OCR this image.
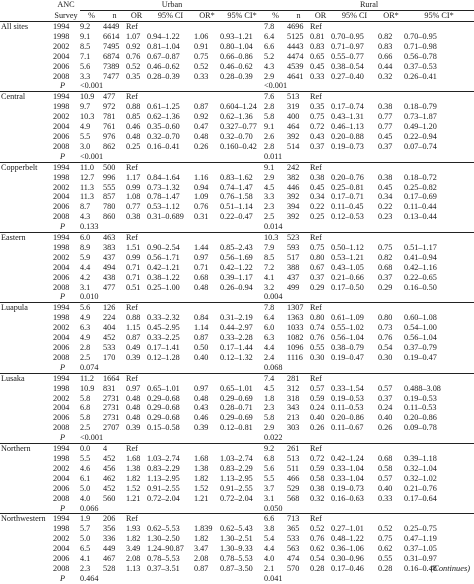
	ANC	Urban						Rural					
	Survey	%	n	OR	95% CI	OR*	95% CI*	%	n	OR	95% CI	OR*	95% CI*
All sites	1994	9.2	4449	Ref				7.8	4696	Ref			
	1998	9.1	6614	1.07	0.94–1.22	1.06	0.93–1.21	6.4	5125	0.81	0.70–0.95	0.82	0.70–0.95
	2002	8.5	7495	0.92	0.81–1.04	0.91	0.80–1.04	6.6	4443	0.83	0.71–0.97	0.83	0.71–0.98
	2004	7.1	6874	0.76	0.67–0.87	0.75	0.66–0.86	5.2	4474	0.65	0.55–0.77	0.66	0.56–0.78
	2006	5.6	7389	0.52	0.46–0.62	0.52	0.46–0.62	4.3	4539	0.45	0.38–0.54	0.44	0.37–0.53
	2008	3.3	7477	0.35	0.28–0.39	0.33	0.28–0.39	2.9	4641	0.33	0.27–0.40	0.32	0.26–0.41
	P	<0.001						<0.001					
Central	1994	10.9	477	Ref				7.6	513	Ref			
	1998	9.7	972	0.88	0.61–1.25	0.87	0.604–1.24	2.8	319	0.35	0.17–0.74	0.38	0.18–0.79
	2002	10.3	781	0.85	0.62–1.36	0.92	0.62–1.36	5.8	400	0.75	0.43–1.31	0.77	0.73–1.87
	2004	4.9	761	0.46	0.35–0.60	0.47	0.327–0.77	9.1	464	0.72	0.46–1.13	0.77	0.49–1.20
	2006	5.5	976	0.48	0.32–0.70	0.48	0.32–0.70	2.6	392	0.43	0.20–0.88	0.45	0.22–0.94
	2008	3.0	862	0.25	0.16–0.41	0.26	0.160–0.42	2.8	514	0.37	0.19–0.73	0.37	0.07–0.74
	P	<0.001						0.011					
Copperbelt	1994	11.0	500	Ref				9.1	242	Ref			
	1998	12.7	996	1.17	0.84–1.64	1.16	0.83–1.62	2.9	382	0.38	0.20–0.76	0.38	0.18–0.72
	2002	11.3	555	0.99	0.73–1.32	0.94	0.74–1.47	4.5	446	0.45	0.25–0.81	0.45	0.25–0.82
	2004	11.3	857	1.08	0.78–1.47	1.09	0.76–1.58	3.3	392	0.34	0.17–0.71	0.34	0.17–0.69
	2006	8.7	780	0.77	0.53–1.12	0.76	0.51–1.14	2.3	394	0.22	0.11–0.45	0.22	0.11–0.44
	2008	4.3	860	0.38	0.31–0.689	0.31	0.22–0.47	2.5	392	0.25	0.12–0.53	0.23	0.13–0.44
	P	0.133						0.014					
Eastern	1994	6.0	463	Ref				10.3	523	Ref			
	1998	8.9	383	1.51	0.90–2.54	1.44	0.85–2.43	7.9	593	0.75	0.50–1.12	0.75	0.51–1.17
	2002	5.9	437	0.99	0.56–1.71	0.97	0.56–1.69	8.5	517	0.80	0.53–1.21	0.82	0.41–0.94
	2004	4.4	494	0.71	0.42–1.21	0.71	0.42–1.22	7.2	388	0.67	0.43–1.05	0.68	0.42–1.16
	2006	4.2	438	0.71	0.38–1.22	0.68	0.39–1.17	4.1	437	0.37	0.21–0.66	0.37	0.22–0.65
	2008	3.1	477	0.51	0.25–1.00	0.48	0.26–0.94	3.2	499	0.29	0.17–0.50	0.29	0.16–0.50
	P	0.010						0.004					
Luapula	1994	5.6	126	Ref				7.8	1307	Ref			
	1998	4.9	224	0.88	0.33–2.32	0.84	0.31–2.19	6.4	1363	0.80	0.61–1.09	0.80	0.60–1.08
	2002	6.3	404	1.15	0.45–2.95	1.14	0.44–2.97	6.0	1033	0.74	0.55–1.02	0.73	0.54–1.00
	2004	4.9	452	0.87	0.33–2.25	0.87	0.33–2.28	6.3	1082	0.76	0.56–1.04	0.76	0.56–1.04
	2006	2.8	533	0.49	0.17–1.41	0.50	0.17–1.44	4.4	1096	0.55	0.38–0.79	0.54	0.37–0.79
	2008	2.5	170	0.39	0.12–1.28	0.40	0.12–1.32	2.4	1116	0.30	0.19–0.47	0.30	0.19–0.47
	P	0.074						0.068					
Lusaka	1994	11.2	1664	Ref				7.4	281	Ref			
	1998	10.9	831	0.97	0.65–1.01	0.97	0.65–1.01	4.5	312	0.57	0.33–1.54	0.57	0.488–3.08
	2002	5.8	2731	0.48	0.29–0.68	0.48	0.29–0.69	1.8	318	0.59	0.19–0.53	0.37	0.19–0.53
	2004	6.8	2731	0.48	0.29–0.68	0.43	0.28–0.71	2.3	343	0.24	0.11–0.53	0.24	0.11–0.53
	2006	5.8	2731	0.48	0.29–0.68	0.46	0.29–0.69	5.8	213	0.40	0.20–0.86	0.40	0.20–0.86
	2008	2.5	2707	0.39	0.15–0.58	0.39	0.12–0.81	2.9	303	0.26	0.11–0.67	0.26	0.09–0.78
	P	<0.001						0.022					
Northern	1994	0.0	4	Ref				9.2	261	Ref			
	1998	5.5	452	1.68	1.03–2.74	1.68	1.03–2.74	6.8	513	0.72	0.42–1.24	0.68	0.39–1.18
	2002	4.6	456	1.38	0.83–2.29	1.38	0.83–2.29	5.6	511	0.59	0.33–1.04	0.58	0.32–1.04
	2004	6.1	462	1.82	1.13–2.95	1.82	1.13–2.95	5.5	466	0.58	0.33–1.04	0.57	0.32–1.02
	2006	5.0	452	1.52	0.91–2.55	1.52	0.91–2.55	3.7	529	0.38	0.19–0.73	0.40	0.21–0.76
	2008	4.0	560	1.21	0.72–2.04	1.21	0.72–2.04	3.1	568	0.32	0.16–0.63	0.33	0.17–0.64
	P	0.066						0.050					
Northwestern	1994	1.9	206	Ref				6.6	713	Ref			
	1998	5.7	356	1.93	0.62–5.53	1.839	0.62–5.43	3.8	365	0.52	0.27–1.01	0.52	0.25–0.75
	2002	5.0	336	1.82	1.30–2.50	1.82	1.30–2.51	5.4	533	0.76	0.48–1.22	0.75	0.47–1.19
	2004	6.5	449	3.49	1.24–90.87	3.47	1.30–9.33	4.4	563	0.62	0.36–1.06	0.62	0.37–1.05
	2006	4.1	467	2.08	0.78–5.53	2.08	0.78–5.53	4.0	474	0.54	0.30–0.96	0.55	0.31–0.97
	2008	2.3	528	1.13	0.37–3.51	0.87	0.87–3.50	2.1	570	0.28	0.17–0.46	0.28	0.16–0.48
	P	0.464						0.041					
(Continues)
